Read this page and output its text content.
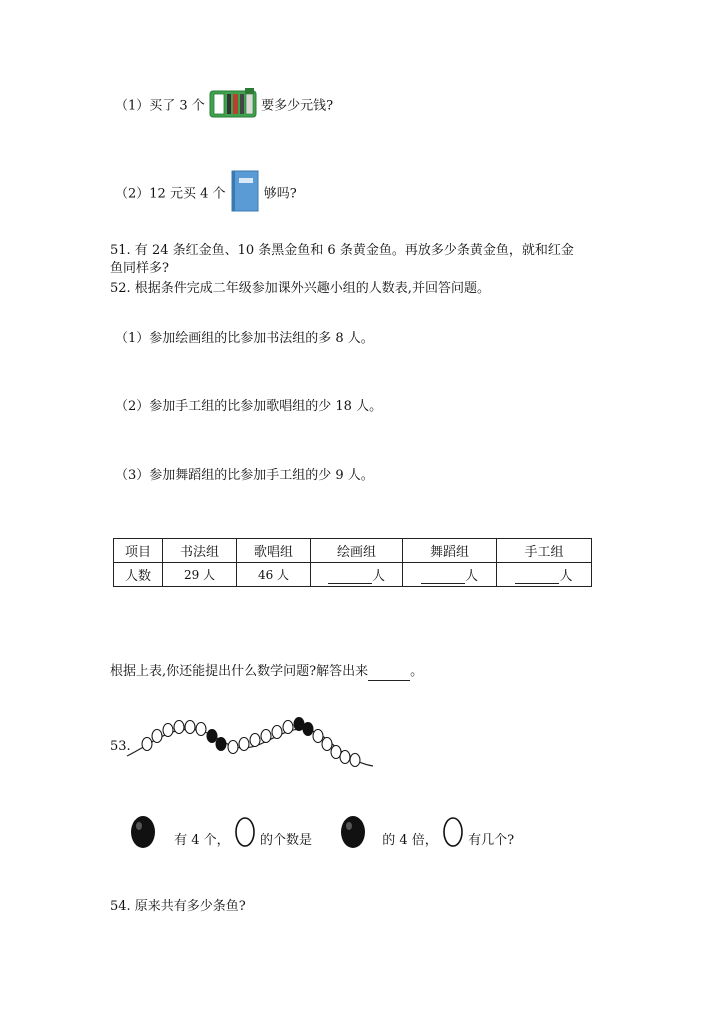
（1）买了 3 个	要多少元钱?
（2）12 元买 4 个	够吗?
51. 有 24 条红金鱼、10 条黑金鱼和 6 条黄金鱼。再放多少条黄金鱼，就和红金
鱼同样多?
52. 根据条件完成二年级参加课外兴趣小组的人数表,并回答问题。
（1）参加绘画组的比参加书法组的多 8 人。
（2）参加手工组的比参加歌唱组的少 18 人。
（3）参加舞蹈组的比参加手工组的少 9 人。
项目	书法组	歌唱组	绘画组	舞蹈组	手工组
人数	29 人	46 人	人	人	人
根据上表,你还能提出什么数学问题?解答出来	。
53.
有 4 个， 的个数是	的 4 倍， 有几个?
54. 原来共有多少条鱼?
